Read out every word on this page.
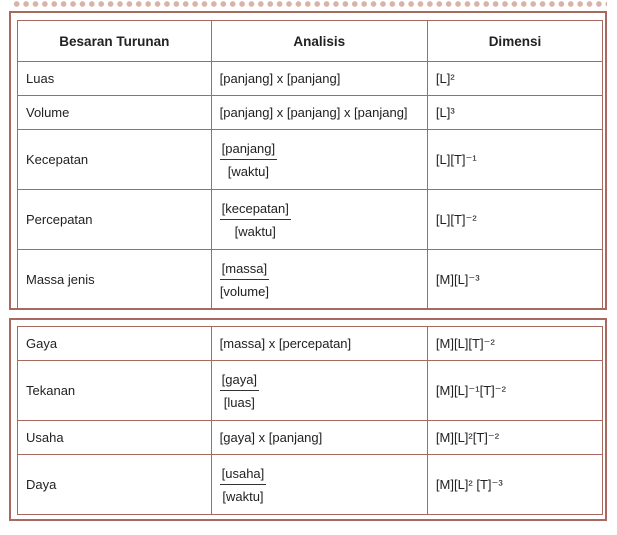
Besaran Turunan	Analisis	Dimensi
Luas	[panjang] x [panjang]	[L]²
Volume	[panjang] x [panjang] x [panjang]	[L]³
Kecepatan	$\frac{\text{[panjang]}}{\text{[waktu]}}$	[L][T]⁻¹
Percepatan	$\frac{\text{[kecepatan]}}{\text{[waktu]}}$	[L][T]⁻²
Massa jenis	$\frac{\text{[massa]}}{\text{[volume]}}$	[M][L]⁻³
Gaya	[massa] x [percepatan]	[M][L][T]⁻²
Tekanan	$\frac{\text{[gaya]}}{\text{[luas]}}$	[M][L]⁻¹[T]⁻²
Usaha	[gaya] x [panjang]	[M][L]²[T]⁻²
Daya	$\frac{\text{[usaha]}}{\text{[waktu]}}$	[M][L]² [T]⁻³
